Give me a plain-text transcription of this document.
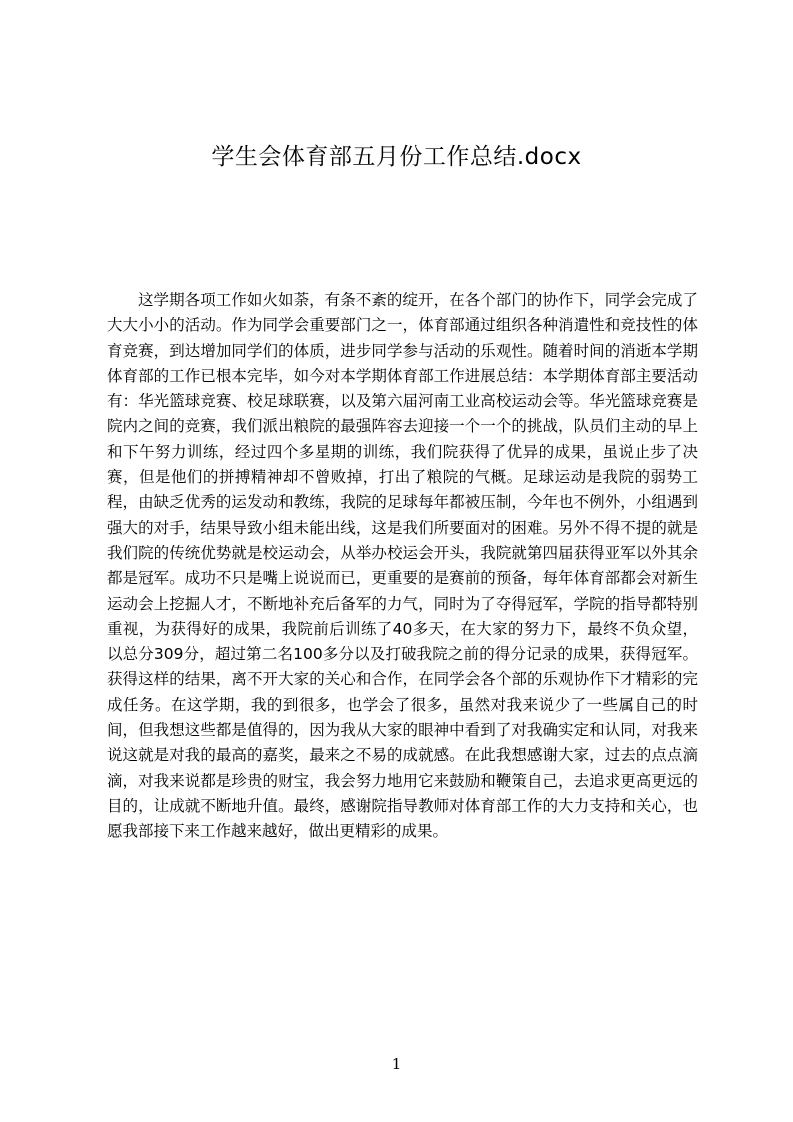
学生会体育部五月份工作总结.docx

这学期各项工作如火如荼，有条不紊的绽开，在各个部门的协作下，同学会完成了大大小小的活动。作为同学会重要部门之一，体育部通过组织各种消遣性和竞技性的体育竞赛，到达增加同学们的体质，进步同学参与活动的乐观性。随着时间的消逝本学期体育部的工作已根本完毕，如今对本学期体育部工作进展总结：本学期体育部主要活动有：华光篮球竞赛、校足球联赛，以及第六届河南工业高校运动会等。华光篮球竞赛是院内之间的竞赛，我们派出粮院的最强阵容去迎接一个一个的挑战，队员们主动的早上和下午努力训练，经过四个多星期的训练，我们院获得了优异的成果，虽说止步了决赛，但是他们的拼搏精神却不曾败掉，打出了粮院的气概。足球运动是我院的弱势工程，由缺乏优秀的运发动和教练，我院的足球每年都被压制，今年也不例外，小组遇到强大的对手，结果导致小组未能出线，这是我们所要面对的困难。另外不得不提的就是我们院的传统优势就是校运动会，从举办校运会开头，我院就第四届获得亚军以外其余都是冠军。成功不只是嘴上说说而已，更重要的是赛前的预备，每年体育部都会对新生运动会上挖掘人才，不断地补充后备军的力气，同时为了夺得冠军，学院的指导都特别重视，为获得好的成果，我院前后训练了40多天，在大家的努力下，最终不负众望，以总分309分，超过第二名100多分以及打破我院之前的得分记录的成果，获得冠军。获得这样的结果，离不开大家的关心和合作，在同学会各个部的乐观协作下才精彩的完成任务。在这学期，我的到很多，也学会了很多，虽然对我来说少了一些属自己的时间，但我想这些都是值得的，因为我从大家的眼神中看到了对我确实定和认同，对我来说这就是对我的最高的嘉奖，最来之不易的成就感。在此我想感谢大家，过去的点点滴滴，对我来说都是珍贵的财宝，我会努力地用它来鼓励和鞭策自己，去追求更高更远的目的，让成就不断地升值。最终，感谢院指导教师对体育部工作的大力支持和关心，也愿我部接下来工作越来越好，做出更精彩的成果。

1
